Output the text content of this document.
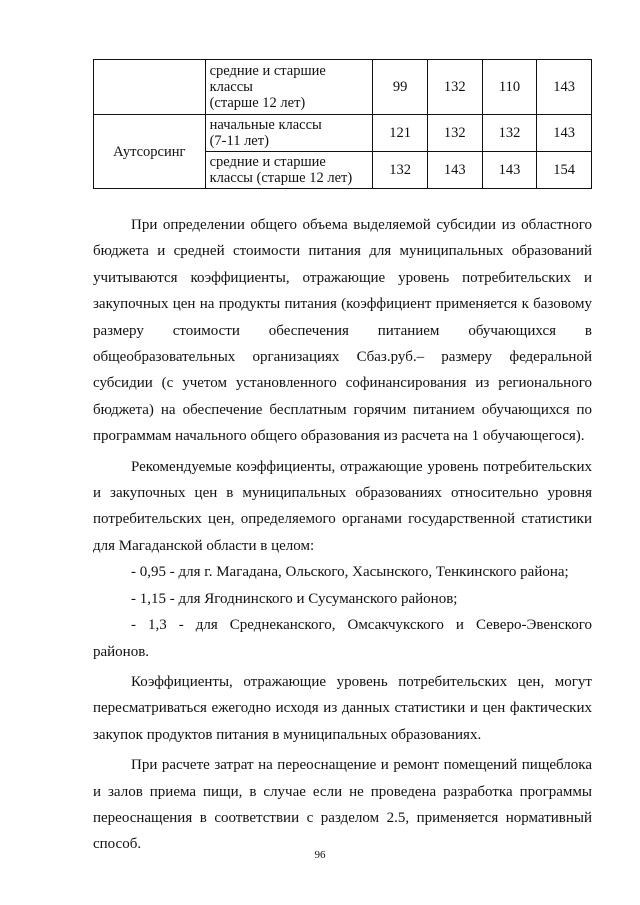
	средние и старшие
классы
(старше 12 лет)	99	132	110	143
Аутсорсинг	начальные классы
(7-11 лет)	121	132	132	143
	средние и старшие
классы (старше 12 лет)	132	143	143	154

При определении общего объема выделяемой субсидии из областного бюджета и средней стоимости питания для муниципальных образований учитываются коэффициенты, отражающие уровень потребительских и закупочных цен на продукты питания (коэффициент применяется к базовому размеру стоимости обеспечения питанием обучающихся в общеобразовательных организациях Cбаз.руб.– размеру федеральной субсидии (с учетом установленного софинансирования из регионального бюджета) на обеспечение бесплатным горячим питанием обучающихся по программам начального общего образования из расчета на 1 обучающегося).

Рекомендуемые коэффициенты, отражающие уровень потребительских и закупочных цен в муниципальных образованиях относительно уровня потребительских цен, определяемого органами государственной статистики для Магаданской области в целом:

- 0,95 - для г. Магадана, Ольского, Хасынского, Тенкинского района;

- 1,15 - для Ягоднинского и Сусуманского районов;

- 1,3 - для Среднеканского, Омсакчукского и Северо-Эвенского районов.

Коэффициенты, отражающие уровень потребительских цен, могут пересматриваться ежегодно исходя из данных статистики и цен фактических закупок продуктов питания в муниципальных образованиях.

При расчете затрат на переоснащение и ремонт помещений пищеблока и залов приема пищи, в случае если не проведена разработка программы переоснащения в соответствии с разделом 2.5, применяется нормативный способ.

96
